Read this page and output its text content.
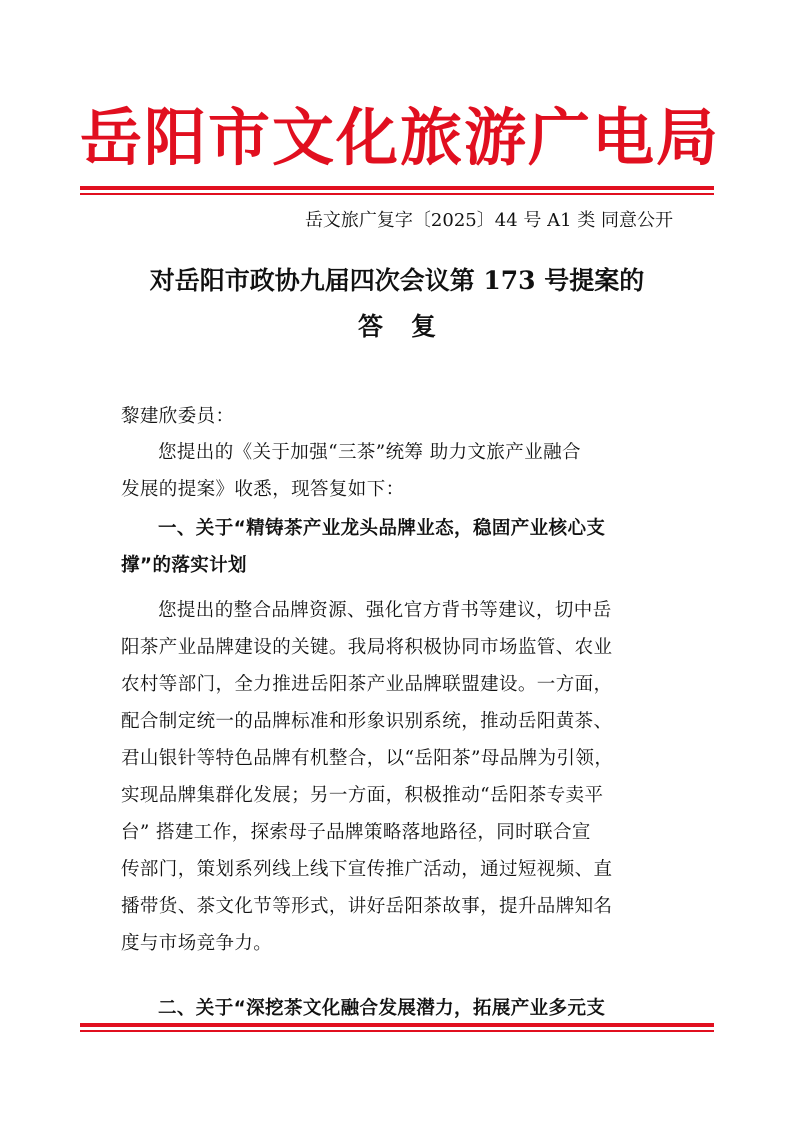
岳阳市文化旅游广电局
岳文旅广复字〔2025〕44 号 A1 类 同意公开
对岳阳市政协九届四次会议第 173 号提案的
答复
黎建欣委员：
您提出的《关于加强“三茶”统筹 助力文旅产业融合
发展的提案》收悉，现答复如下：
一、关于“精铸茶产业龙头品牌业态，稳固产业核心支
撑”的落实计划
您提出的整合品牌资源、强化官方背书等建议，切中岳
阳茶产业品牌建设的关键。我局将积极协同市场监管、农业
农村等部门，全力推进岳阳茶产业品牌联盟建设。一方面，
配合制定统一的品牌标准和形象识别系统，推动岳阳黄茶、
君山银针等特色品牌有机整合，以“岳阳茶”母品牌为引领，
实现品牌集群化发展；另一方面，积极推动“岳阳茶专卖平
台” 搭建工作，探索母子品牌策略落地路径，同时联合宣
传部门，策划系列线上线下宣传推广活动，通过短视频、直
播带货、茶文化节等形式，讲好岳阳茶故事，提升品牌知名
度与市场竞争力。
二、关于“深挖茶文化融合发展潜力，拓展产业多元支
